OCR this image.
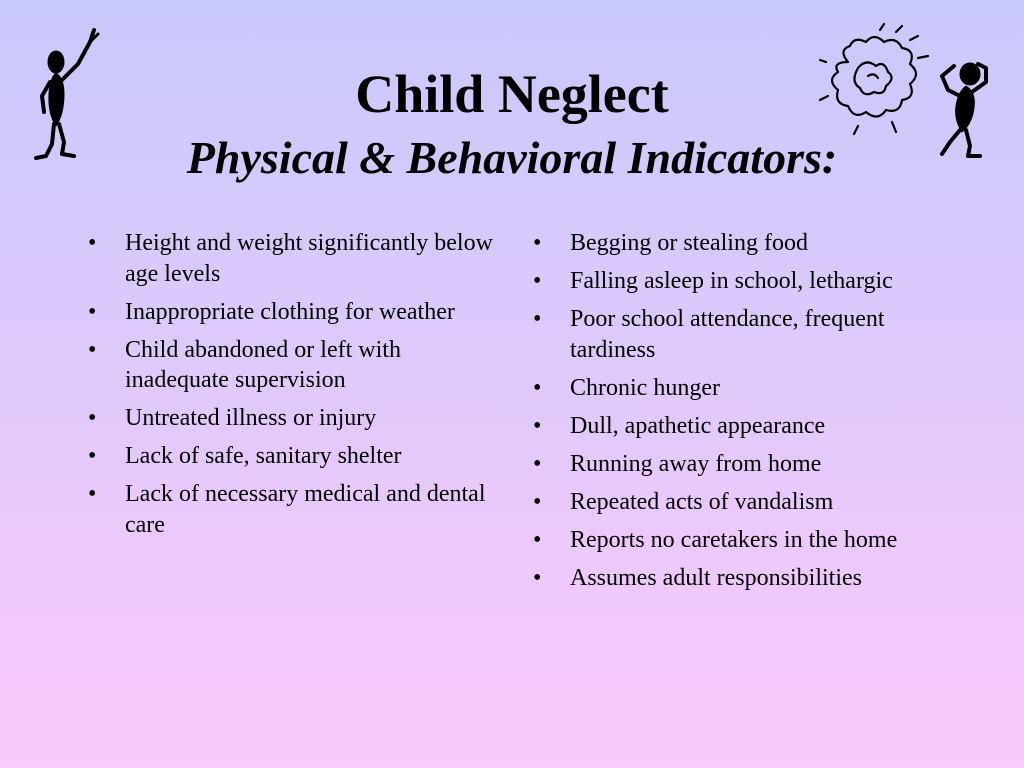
Child Neglect
Physical & Behavioral Indicators:
• Height and weight significantly below age levels
• Inappropriate clothing for weather
• Child abandoned or left with inadequate supervision
• Untreated illness or injury
• Lack of safe, sanitary shelter
• Lack of necessary medical and dental care
• Begging or stealing food
• Falling asleep in school, lethargic
• Poor school attendance, frequent tardiness
• Chronic hunger
• Dull, apathetic appearance
• Running away from home
• Repeated acts of vandalism
• Reports no caretakers in the home
• Assumes adult responsibilities
